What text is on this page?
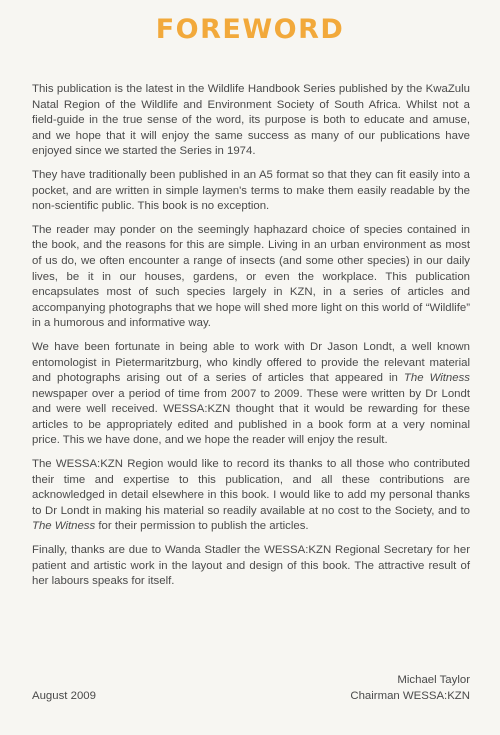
FOREWORD

This publication is the latest in the Wildlife Handbook Series published by the KwaZulu Natal Region of the Wildlife and Environment Society of South Africa. Whilst not a field-guide in the true sense of the word, its purpose is both to educate and amuse, and we hope that it will enjoy the same success as many of our publications have enjoyed since we started the Series in 1974.

They have traditionally been published in an A5 format so that they can fit easily into a pocket, and are written in simple laymen's terms to make them easily readable by the non-scientific public. This book is no exception.

The reader may ponder on the seemingly haphazard choice of species contained in the book, and the reasons for this are simple. Living in an urban environment as most of us do, we often encounter a range of insects (and some other species) in our daily lives, be it in our houses, gardens, or even the workplace. This publication encapsulates most of such species largely in KZN, in a series of articles and accompanying photographs that we hope will shed more light on this world of “Wildlife” in a humorous and informative way.

We have been fortunate in being able to work with Dr Jason Londt, a well known entomologist in Pietermaritzburg, who kindly offered to provide the relevant material and photographs arising out of a series of articles that appeared in The Witness newspaper over a period of time from 2007 to 2009. These were written by Dr Londt and were well received. WESSA:KZN thought that it would be rewarding for these articles to be appropriately edited and published in a book form at a very nominal price. This we have done, and we hope the reader will enjoy the result.

The WESSA:KZN Region would like to record its thanks to all those who contributed their time and expertise to this publication, and all these contributions are acknowledged in detail elsewhere in this book. I would like to add my personal thanks to Dr Londt in making his material so readily available at no cost to the Society, and to The Witness for their permission to publish the articles.

Finally, thanks are due to Wanda Stadler the WESSA:KZN Regional Secretary for her patient and artistic work in the layout and design of this book. The attractive result of her labours speaks for itself.

Michael Taylor
Chairman WESSA:KZN
August 2009
